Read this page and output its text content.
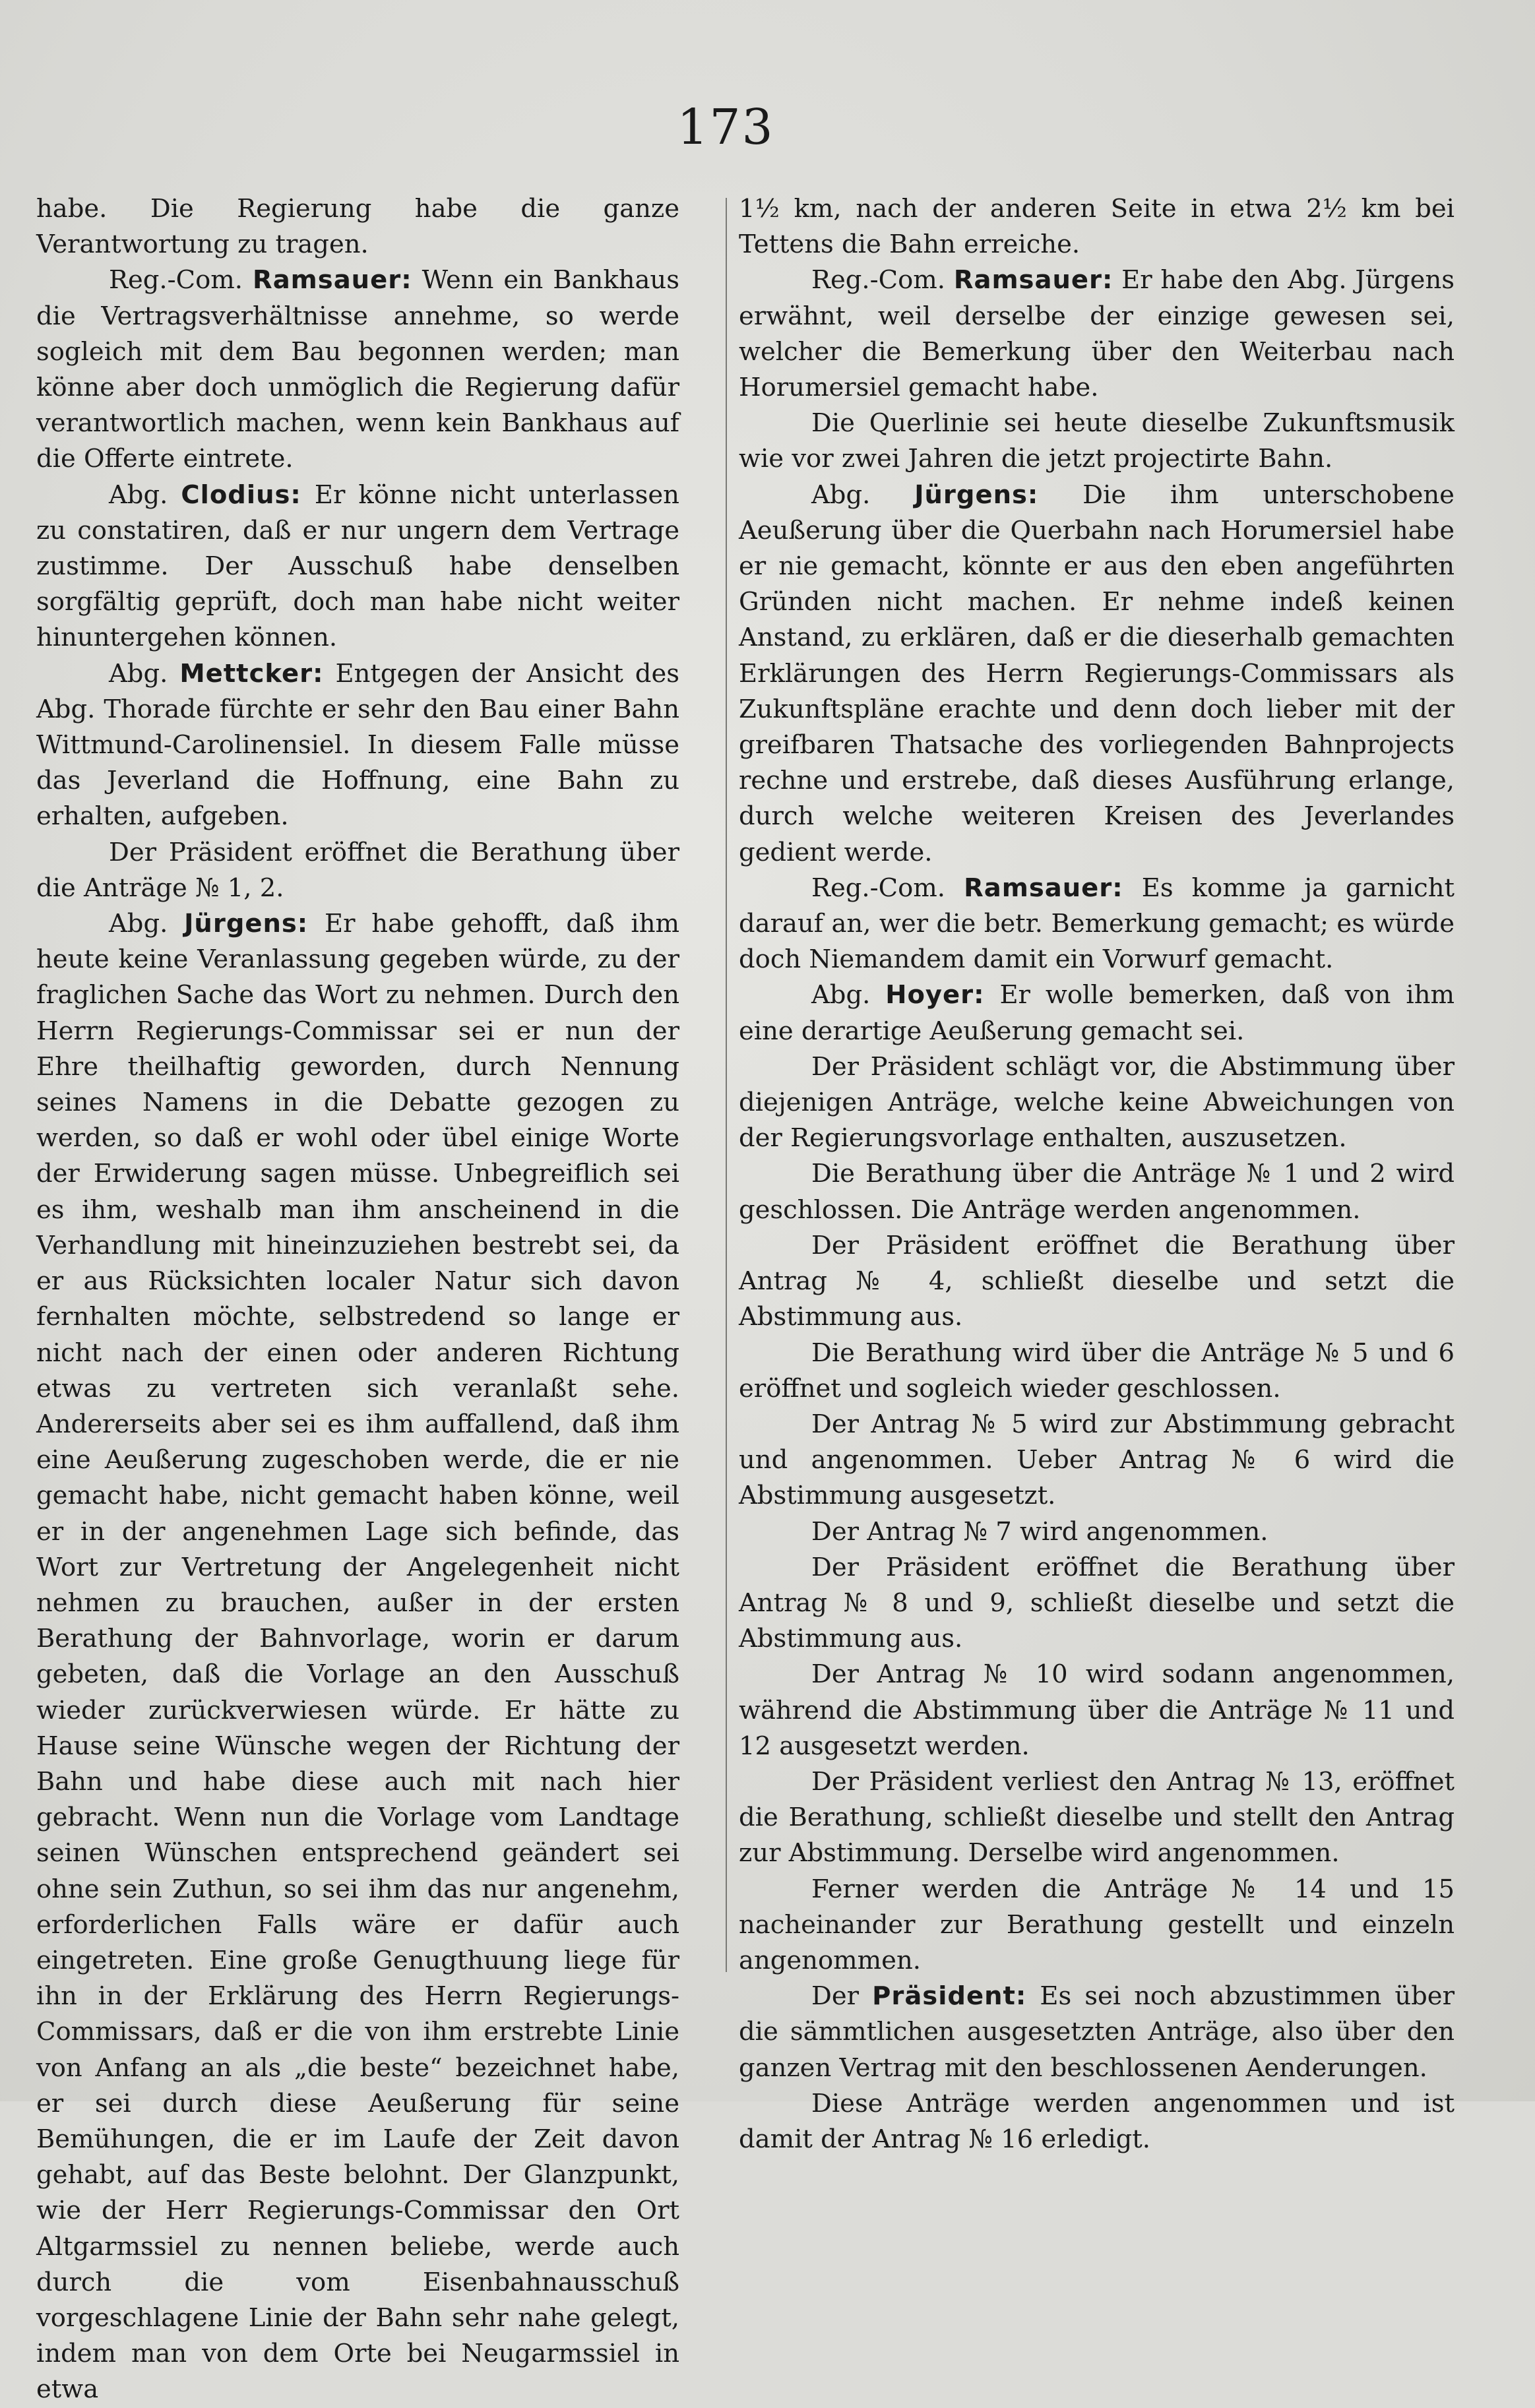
173

habe. Die Regierung habe die ganze Verantwortung zu tragen.

Reg.-Com. Ramsauer: Wenn ein Bankhaus die Vertragsverhältnisse annehme, so werde sogleich mit dem Bau begonnen werden; man könne aber doch unmöglich die Regierung dafür verantwortlich machen, wenn kein Bankhaus auf die Offerte eintrete.

Abg. Clodius: Er könne nicht unterlassen zu constatiren, daß er nur ungern dem Vertrage zustimme. Der Ausschuß habe denselben sorgfältig geprüft, doch man habe nicht weiter hinuntergehen können.

Abg. Mettcker: Entgegen der Ansicht des Abg. Thorade fürchte er sehr den Bau einer Bahn Wittmund-Carolinensiel. In diesem Falle müsse das Jeverland die Hoffnung, eine Bahn zu erhalten, aufgeben.

Der Präsident eröffnet die Berathung über die Anträge № 1, 2.

Abg. Jürgens: Er habe gehofft, daß ihm heute keine Veranlassung gegeben würde, zu der fraglichen Sache das Wort zu nehmen. Durch den Herrn Regierungs-Commissar sei er nun der Ehre theilhaftig geworden, durch Nennung seines Namens in die Debatte gezogen zu werden, so daß er wohl oder übel einige Worte der Erwiderung sagen müsse. Unbegreiflich sei es ihm, weshalb man ihm anscheinend in die Verhandlung mit hineinzuziehen bestrebt sei, da er aus Rücksichten localer Natur sich davon fernhalten möchte, selbstredend so lange er nicht nach der einen oder anderen Richtung etwas zu vertreten sich veranlaßt sehe. Andererseits aber sei es ihm auffallend, daß ihm eine Aeußerung zugeschoben werde, die er nie gemacht habe, nicht gemacht haben könne, weil er in der angenehmen Lage sich befinde, das Wort zur Vertretung der Angelegenheit nicht nehmen zu brauchen, außer in der ersten Berathung der Bahnvorlage, worin er darum gebeten, daß die Vorlage an den Ausschuß wieder zurückverwiesen würde. Er hätte zu Hause seine Wünsche wegen der Richtung der Bahn und habe diese auch mit nach hier gebracht. Wenn nun die Vorlage vom Landtage seinen Wünschen entsprechend geändert sei ohne sein Zuthun, so sei ihm das nur angenehm, erforderlichen Falls wäre er dafür auch eingetreten. Eine große Genugthuung liege für ihn in der Erklärung des Herrn Regierungs-Commissars, daß er die von ihm erstrebte Linie von Anfang an als „die beste“ bezeichnet habe, er sei durch diese Aeußerung für seine Bemühungen, die er im Laufe der Zeit davon gehabt, auf das Beste belohnt. Der Glanzpunkt, wie der Herr Regierungs-Commissar den Ort Altgarmssiel zu nennen beliebe, werde auch durch die vom Eisenbahnausschuß vorgeschlagene Linie der Bahn sehr nahe gelegt, indem man von dem Orte bei Neugarmssiel in etwa

1½ km, nach der anderen Seite in etwa 2½ km bei Tettens die Bahn erreiche.

Reg.-Com. Ramsauer: Er habe den Abg. Jürgens erwähnt, weil derselbe der einzige gewesen sei, welcher die Bemerkung über den Weiterbau nach Horumersiel gemacht habe.

Die Querlinie sei heute dieselbe Zukunftsmusik wie vor zwei Jahren die jetzt projectirte Bahn.

Abg. Jürgens: Die ihm unterschobene Aeußerung über die Querbahn nach Horumersiel habe er nie gemacht, könnte er aus den eben angeführten Gründen nicht machen. Er nehme indeß keinen Anstand, zu erklären, daß er die dieserhalb gemachten Erklärungen des Herrn Regierungs-Commissars als Zukunftspläne erachte und denn doch lieber mit der greifbaren Thatsache des vorliegenden Bahnprojects rechne und erstrebe, daß dieses Ausführung erlange, durch welche weiteren Kreisen des Jeverlandes gedient werde.

Reg.-Com. Ramsauer: Es komme ja garnicht darauf an, wer die betr. Bemerkung gemacht; es würde doch Niemandem damit ein Vorwurf gemacht.

Abg. Hoyer: Er wolle bemerken, daß von ihm eine derartige Aeußerung gemacht sei.

Der Präsident schlägt vor, die Abstimmung über diejenigen Anträge, welche keine Abweichungen von der Regierungsvorlage enthalten, auszusetzen.

Die Berathung über die Anträge № 1 und 2 wird geschlossen. Die Anträge werden angenommen.

Der Präsident eröffnet die Berathung über Antrag № 4, schließt dieselbe und setzt die Abstimmung aus.

Die Berathung wird über die Anträge № 5 und 6 eröffnet und sogleich wieder geschlossen.

Der Antrag № 5 wird zur Abstimmung gebracht und angenommen. Ueber Antrag № 6 wird die Abstimmung ausgesetzt.

Der Antrag № 7 wird angenommen.

Der Präsident eröffnet die Berathung über Antrag № 8 und 9, schließt dieselbe und setzt die Abstimmung aus.

Der Antrag № 10 wird sodann angenommen, während die Abstimmung über die Anträge № 11 und 12 ausgesetzt werden.

Der Präsident verliest den Antrag № 13, eröffnet die Berathung, schließt dieselbe und stellt den Antrag zur Abstimmung. Derselbe wird angenommen.

Ferner werden die Anträge № 14 und 15 nacheinander zur Berathung gestellt und einzeln angenommen.

Der Präsident: Es sei noch abzustimmen über die sämmtlichen ausgesetzten Anträge, also über den ganzen Vertrag mit den beschlossenen Aenderungen.

Diese Anträge werden angenommen und ist damit der Antrag № 16 erledigt.
